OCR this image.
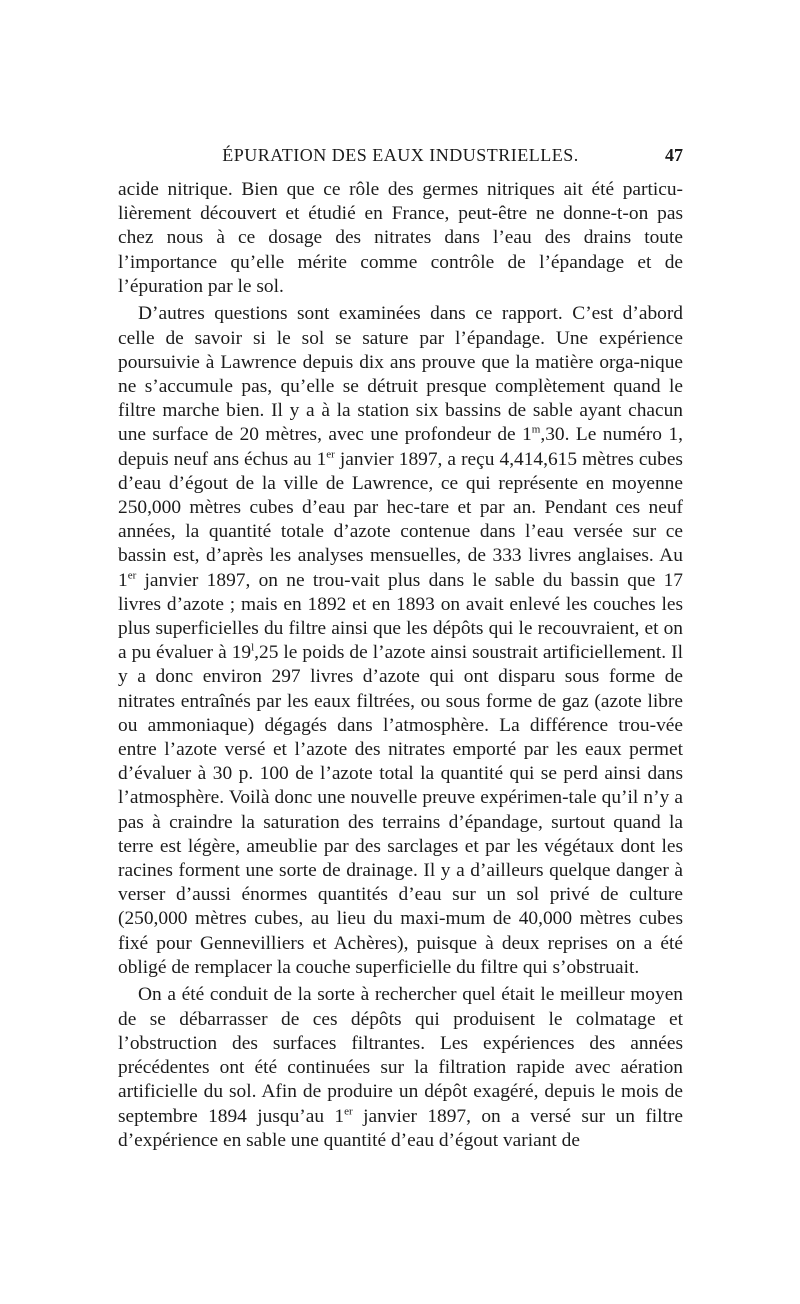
ÉPURATION DES EAUX INDUSTRIELLES.	47

acide nitrique. Bien que ce rôle des germes nitriques ait été particu-lièrement découvert et étudié en France, peut-être ne donne-t-on pas chez nous à ce dosage des nitrates dans l’eau des drains toute l’importance qu’elle mérite comme contrôle de l’épandage et de l’épuration par le sol.

D’autres questions sont examinées dans ce rapport. C’est d’abord celle de savoir si le sol se sature par l’épandage. Une expérience poursuivie à Lawrence depuis dix ans prouve que la matière orga-nique ne s’accumule pas, qu’elle se détruit presque complètement quand le filtre marche bien. Il y a à la station six bassins de sable ayant chacun une surface de 20 mètres, avec une profondeur de 1$^m$,30. Le numéro 1, depuis neuf ans échus au 1er janvier 1897, a reçu 4,414,615 mètres cubes d’eau d’égout de la ville de Lawrence, ce qui représente en moyenne 250,000 mètres cubes d’eau par hec-tare et par an. Pendant ces neuf années, la quantité totale d’azote contenue dans l’eau versée sur ce bassin est, d’après les analyses mensuelles, de 333 livres anglaises. Au 1er janvier 1897, on ne trou-vait plus dans le sable du bassin que 17 livres d’azote ; mais en 1892 et en 1893 on avait enlevé les couches les plus superficielles du filtre ainsi que les dépôts qui le recouvraient, et on a pu évaluer à 19$^l$,25 le poids de l’azote ainsi soustrait artificiellement. Il y a donc environ 297 livres d’azote qui ont disparu sous forme de nitrates entraînés par les eaux filtrées, ou sous forme de gaz (azote libre ou ammoniaque) dégagés dans l’atmosphère. La différence trou-vée entre l’azote versé et l’azote des nitrates emporté par les eaux permet d’évaluer à 30 p. 100 de l’azote total la quantité qui se perd ainsi dans l’atmosphère. Voilà donc une nouvelle preuve expérimen-tale qu’il n’y a pas à craindre la saturation des terrains d’épandage, surtout quand la terre est légère, ameublie par des sarclages et par les végétaux dont les racines forment une sorte de drainage. Il y a d’ailleurs quelque danger à verser d’aussi énormes quantités d’eau sur un sol privé de culture (250,000 mètres cubes, au lieu du maxi-mum de 40,000 mètres cubes fixé pour Gennevilliers et Achères), puisque à deux reprises on a été obligé de remplacer la couche superficielle du filtre qui s’obstruait.

On a été conduit de la sorte à rechercher quel était le meilleur moyen de se débarrasser de ces dépôts qui produisent le colmatage et l’obstruction des surfaces filtrantes. Les expériences des années précédentes ont été continuées sur la filtration rapide avec aération artificielle du sol. Afin de produire un dépôt exagéré, depuis le mois de septembre 1894 jusqu’au 1er janvier 1897, on a versé sur un filtre d’expérience en sable une quantité d’eau d’égout variant de
